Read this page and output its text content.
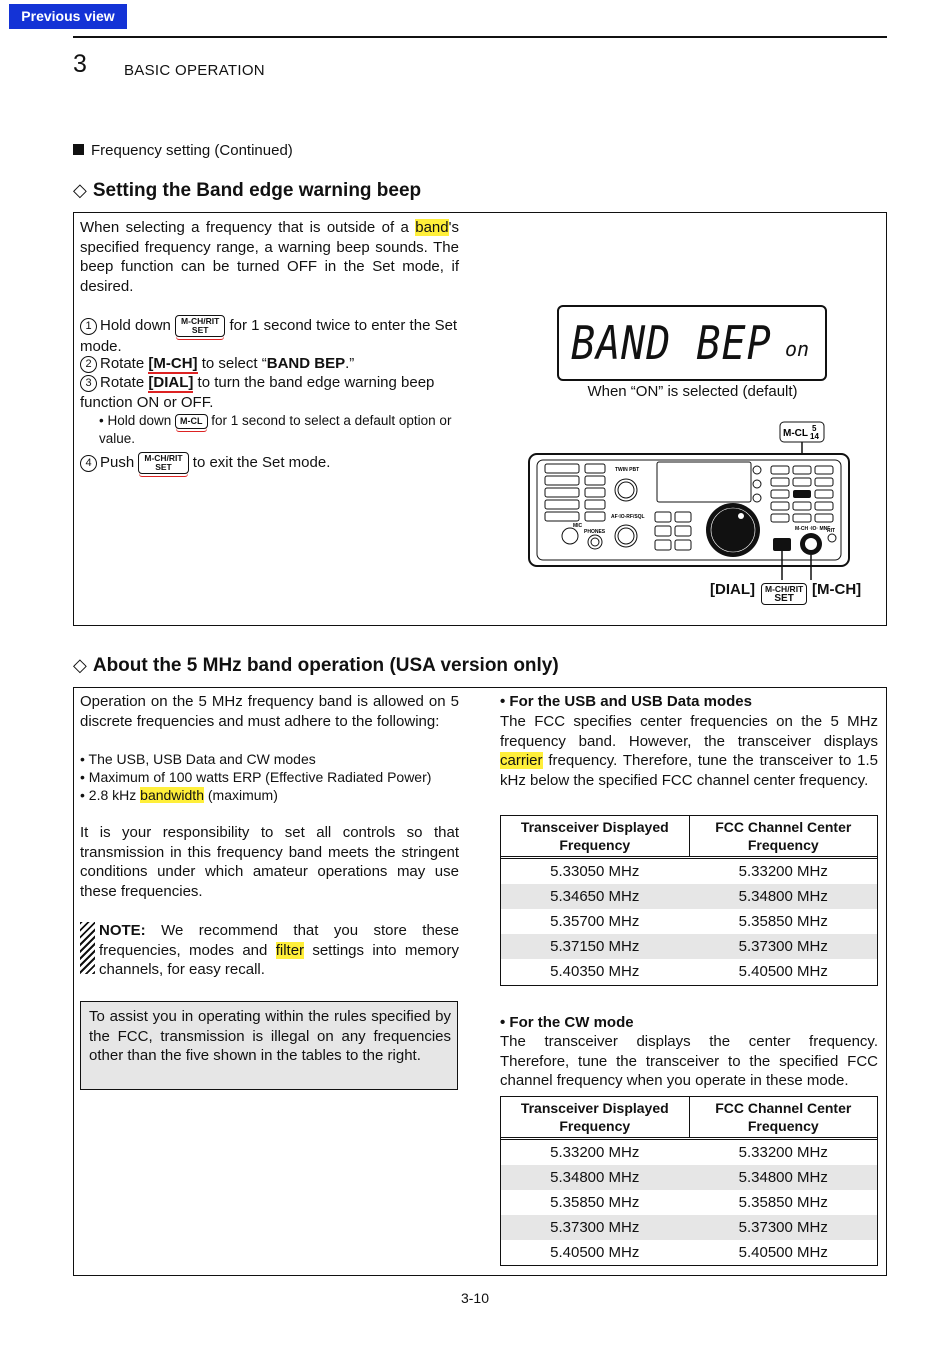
Previous view
3 BASIC OPERATION
Frequency setting (Continued)
◇ Setting the Band edge warning beep
When selecting a frequency that is outside of a band's specified frequency range, a warning beep sounds. The beep function can be turned OFF in the Set mode, if desired.
1 Hold down M-CH/RIT
SET for 1 second twice to enter the Set mode.
2 Rotate [M-CH] to select “BAND BEP.”
3 Rotate [DIAL] to turn the band edge warning beep function ON or OFF.
• Hold down M-CL for 1 second to select a default option or value.
4 Push M-CH/RIT
SET to exit the Set mode.
BAND BEP on
When “ON” is selected (default)
M-CL 5
14
TWIN PBT
AF·IO-RF/SQL
MIC
PHONES	M-CH ·IO· MNF
RIT
[DIAL]	M-CH/RIT
SET
[M-CH]
◇ About the 5 MHz band operation (USA version only)
Operation on the 5 MHz frequency band is allowed on 5 discrete frequencies and must adhere to the following:
• The USB, USB Data and CW modes
• Maximum of 100 watts ERP (Effective Radiated Power)
• 2.8 kHz bandwidth (maximum)
It is your responsibility to set all controls so that transmission in this frequency band meets the stringent conditions under which amateur operations may use these frequencies.
NOTE: We recommend that you store these frequencies, modes and filter settings into memory channels, for easy recall.
To assist you in operating within the rules specified by the FCC, transmission is illegal on any frequencies other than the five shown in the tables to the right.
• For the USB and USB Data modes
The FCC specifies center frequencies on the 5 MHz frequency band. However, the transceiver displays carrier frequency. Therefore, tune the transceiver to 1.5 kHz below the specified FCC channel center frequency.
Transceiver Displayed Frequency	FCC Channel Center Frequency
5.33050 MHz	5.33200 MHz
5.34650 MHz	5.34800 MHz
5.35700 MHz	5.35850 MHz
5.37150 MHz	5.37300 MHz
5.40350 MHz	5.40500 MHz
• For the CW mode
The transceiver displays the center frequency. Therefore, tune the transceiver to the specified FCC channel frequency when you operate in these mode.
Transceiver Displayed Frequency	FCC Channel Center Frequency
5.33200 MHz	5.33200 MHz
5.34800 MHz	5.34800 MHz
5.35850 MHz	5.35850 MHz
5.37300 MHz	5.37300 MHz
5.40500 MHz	5.40500 MHz
3-10
